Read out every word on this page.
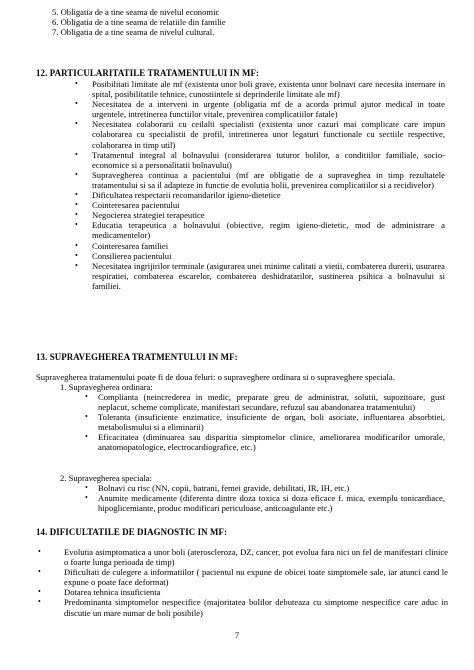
5. Obligatia de a tine seama de nivelul economic
6. Obligatia de a tine seama de relatiile din familie
7. Obligatia de a tine seama de nivelul cultural.
12. PARTICULARITATILE TRATAMENTULUI IN MF:
• Posibilitati limitate ale mf (existenta unor boli grave, existenta unor bolnavi care necesita internare in spital, posibilitatile tehnice, cunostiintele si deprinderile limitate ale mf)
• Necesitatea de a interveni in urgente (obligatia mf de a acorda primul ajutor medical in toate urgentele, intretinerea functiilor vitale, prevenirea complicatiilor fatale)
• Necesitatea colaborarii cu ceilalti specialisti (existenta unor cazuri mai complicate care impun colaborarea cu specialistii de profil, intretinerea unor legaturi functionale cu sectiile respective, colaborarea in timp util)
• Tratamentul integral al bolnavului (considerarea tuturor bolilor, a conditiilor familiale, socio-economice si a personalitatii bolnavului)
• Supravegherea continua a pacientului (mf are obligatie de a supraveghea in timp rezultatele tratamentului si sa il adapteze in functie de evolutia bolii, prevenirea complicatiilor si a recidivelor)
• Dificultatea respectarii recomandarilor igieno-dietetice
• Cointeresarea pacientului
• Negocierea strategiei terapeutice
• Educatia terapeutica a bolnavului (obiective, regim igieno-dietetic, mod de administrare a medicamentelor)
• Cointeresarea familiei
• Consilierea pacientului
• Necesitatea ingrijirilor terminale (asigurarea unei minime calitati a vietii, combaterea durerii, usurarea respiratiei, combaterea escarelor, combaterea deshidratarilor, sustinerea psihica a bolnavului si familiei.
13. SUPRAVEGHEREA TRATMENTULUI IN MF:
Supravegherea tratamentului poate fi de doua feluri: o supraveghere ordinara si o supraveghere speciala.
1. Supravegherea ordinara:
• Complianta (neincrederea in medic, preparate greu de administrat, solutii, supozitoare, gust neplacut, scheme complicate, manifestari secundare, refuzul sau abandonarea tratamentului)
• Toleranta (insuficiente enzimatice, insuficiente de organ, boli asociate, influentarea absorbtiei, metabolismului si a eliminarii)
• Eficacitatea (diminuarea sau disparitia simptomelor clinice, ameliorarea modificarilor umorale, anatomopatologice, electrocardiografice, etc.)
2. Supravegherea speciala:
• Bolnavi cu risc (NN, copii, batrani, femei gravide, debilitati, IR, IH, etc.)
• Anumite medicamente (diferenta dintre doza toxica si doza eficace f. mica, exemplu tonicardiace, hipoglicemiante, produc modificari periculoase, anticoagulante etc.)
14. DIFICULTATILE DE DIAGNOSTIC IN MF:
•	Evolutia asimptomatica a unor boli (ateroscleroza, DZ, cancer, pot evolua fara nici un fel de manifestari clinice o foarte lunga perioada de timp)
•	Dificultati de culegere a informatiilor ( pacientul nu expune de obicei toate simptomele sale, iar atunci cand le expune o poate face deformat)
•	Dotarea tehnica insuficienta
•	Predominanta simptomelor nespecifice (majoritatea bolilor debuteaza cu simptome nespecifice care aduc in discutie un mare numar de boli posibile)
7
